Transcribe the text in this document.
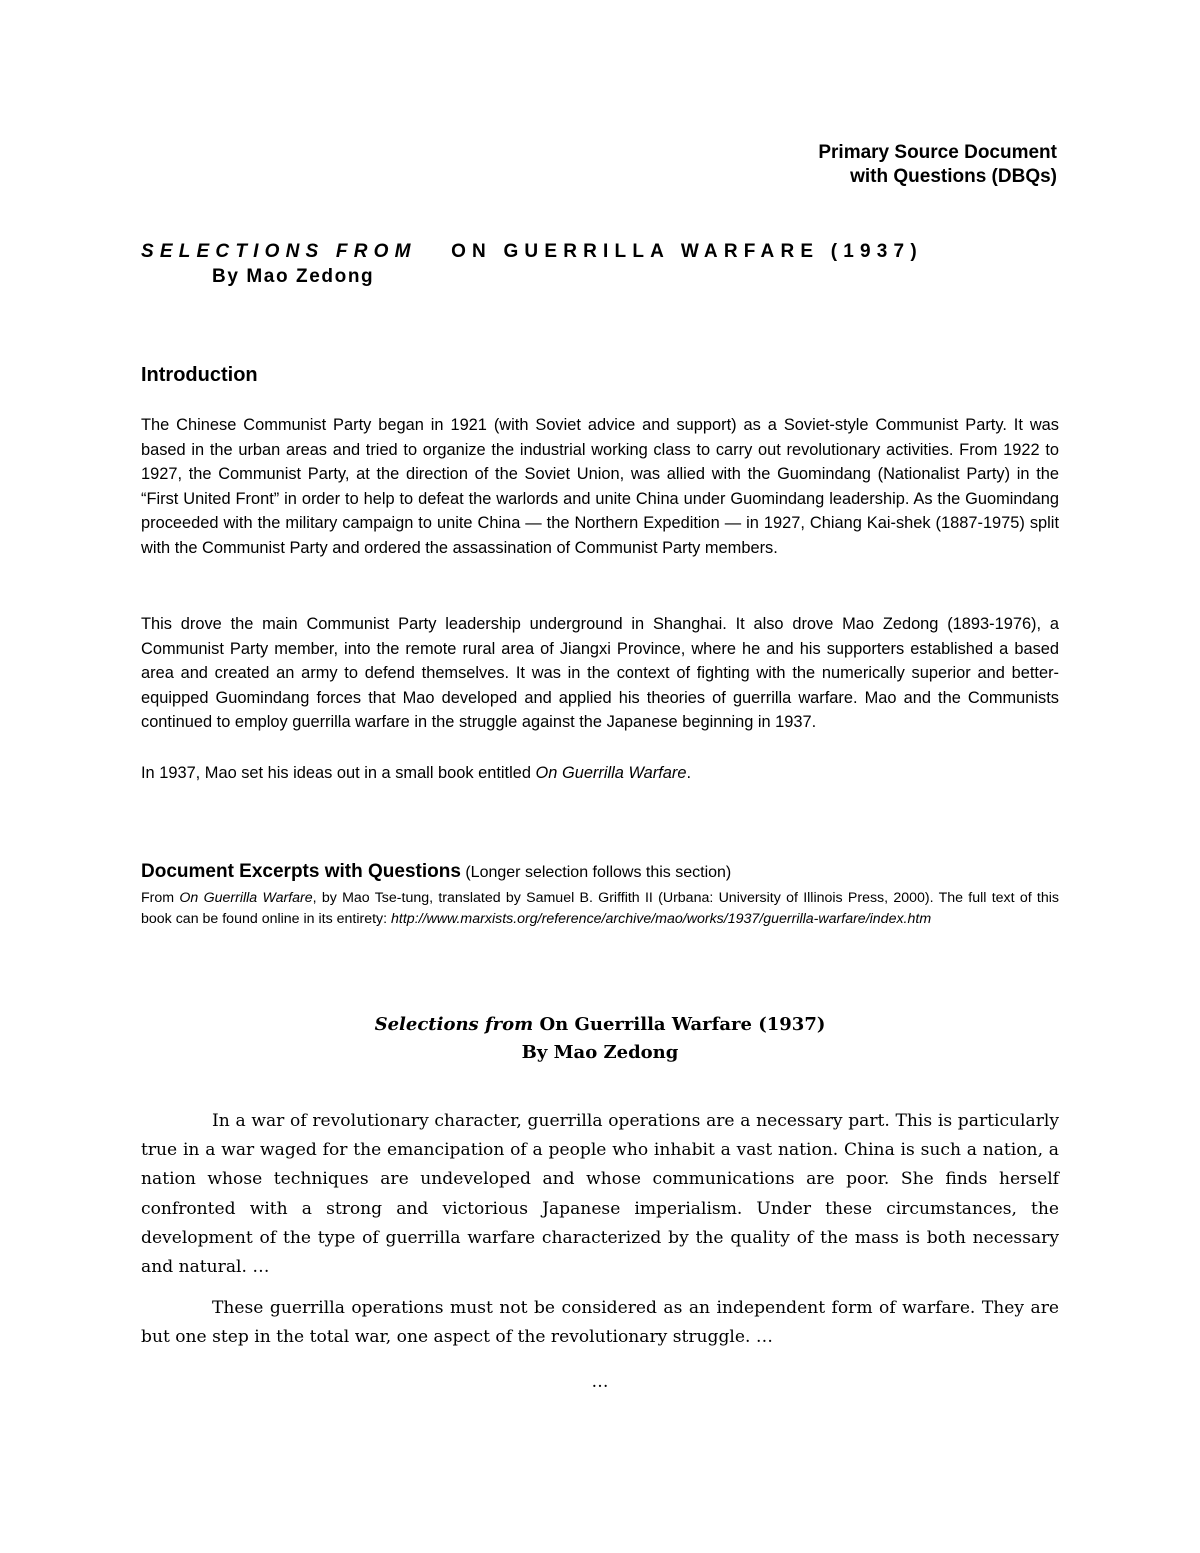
Primary Source Document
with Questions (DBQs)
SELECTIONS FROM ON GUERRILLA WARFARE (1937)
By Mao Zedong
Introduction

The Chinese Communist Party began in 1921 (with Soviet advice and support) as a Soviet-style Communist Party. It was based in the urban areas and tried to organize the industrial working class to carry out revolutionary activities. From 1922 to 1927, the Communist Party, at the direction of the Soviet Union, was allied with the Guomindang (Nationalist Party) in the “First United Front” in order to help to defeat the warlords and unite China under Guomindang leadership. As the Guomindang proceeded with the military campaign to unite China — the Northern Expedition — in 1927, Chiang Kai-shek (1887-1975) split with the Communist Party and ordered the assassination of Communist Party members.

This drove the main Communist Party leadership underground in Shanghai. It also drove Mao Zedong (1893-1976), a Communist Party member, into the remote rural area of Jiangxi Province, where he and his supporters established a based area and created an army to defend themselves. It was in the context of fighting with the numerically superior and better-equipped Guomindang forces that Mao developed and applied his theories of guerrilla warfare. Mao and the Communists continued to employ guerrilla warfare in the struggle against the Japanese beginning in 1937.

In 1937, Mao set his ideas out in a small book entitled On Guerrilla Warfare.

Document Excerpts with Questions (Longer selection follows this section)

From On Guerrilla Warfare, by Mao Tse-tung, translated by Samuel B. Griffith II (Urbana: University of Illinois Press, 2000). The full text of this book can be found online in its entirety: http://www.marxists.org/reference/archive/mao/works/1937/guerrilla-warfare/index.htm

Selections from On Guerrilla Warfare (1937)
By Mao Zedong

In a war of revolutionary character, guerrilla operations are a necessary part. This is particularly true in a war waged for the emancipation of a people who inhabit a vast nation. China is such a nation, a nation whose techniques are undeveloped and whose communications are poor. She finds herself confronted with a strong and victorious Japanese imperialism. Under these circumstances, the development of the type of guerrilla warfare characterized by the quality of the mass is both necessary and natural. …

These guerrilla operations must not be considered as an independent form of warfare. They are but one step in the total war, one aspect of the revolutionary struggle. …

…
